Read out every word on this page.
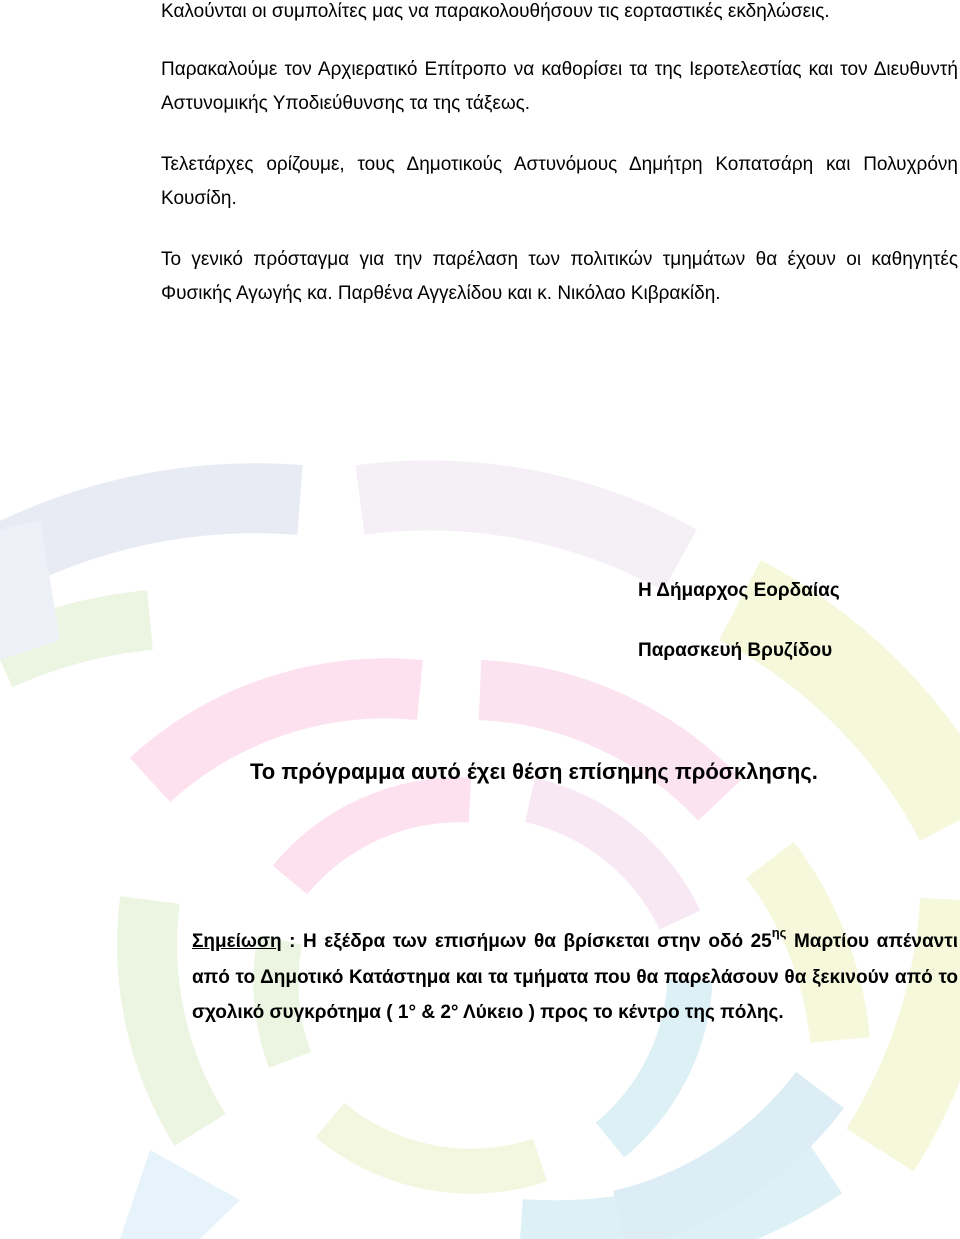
Καλούνται οι συμπολίτες μας να παρακολουθήσουν τις εορταστικές εκδηλώσεις.

Παρακαλούμε τον Αρχιερατικό Επίτροπο να καθορίσει τα της Ιεροτελεστίας και τον Διευθυντή Αστυνομικής Υποδιεύθυνσης τα της τάξεως.

Τελετάρχες ορίζουμε, τους Δημοτικούς Αστυνόμους Δημήτρη Κοπατσάρη και Πολυχρόνη Κουσίδη.

Το γενικό πρόσταγμα για την παρέλαση των πολιτικών τμημάτων θα έχουν οι καθηγητές Φυσικής Αγωγής κα. Παρθένα Αγγελίδου και κ. Νικόλαο Κιβρακίδη.

Η Δήμαρχος Εορδαίας

Παρασκευή Βρυζίδου

Το πρόγραμμα αυτό έχει θέση επίσημης πρόσκλησης.

Σημείωση : Η εξέδρα των επισήμων θα βρίσκεται στην οδό $25^{\eta\varsigma}$ Μαρτίου απέναντι από το Δημοτικό Κατάστημα και τα τμήματα που θα παρελάσουν θα ξεκινούν από το σχολικό συγκρότημα ( 1° & 2° Λύκειο ) προς το κέντρο της πόλης.
